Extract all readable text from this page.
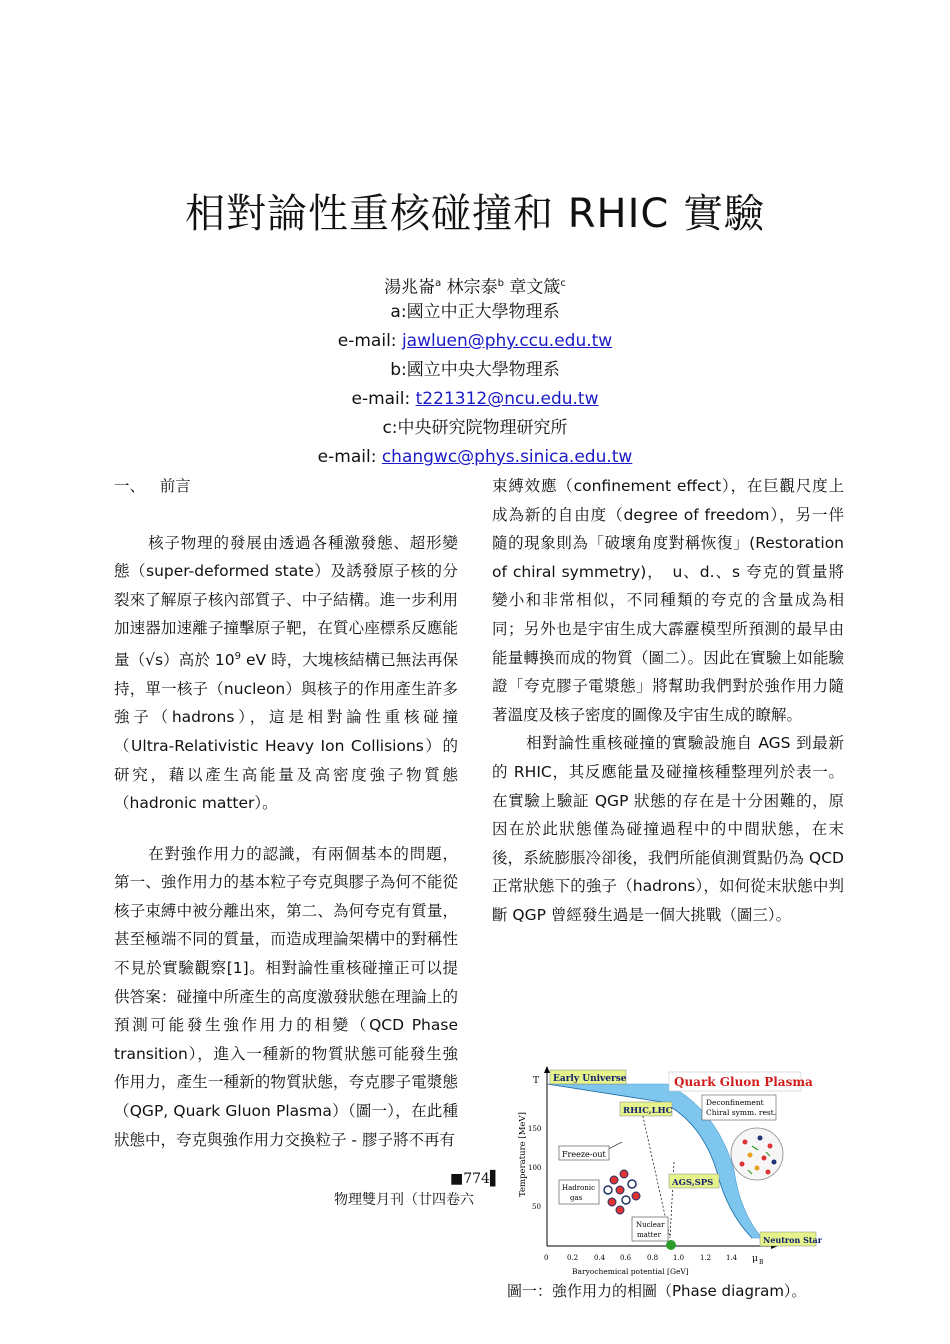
相對論性重核碰撞和 RHIC 實驗
湯兆崙$^a$ 林宗泰$^b$ 章文箴$^c$
a:國立中正大學物理系
e-mail: jawluen@phy.ccu.edu.tw
b:國立中央大學物理系
e-mail: t221312@ncu.edu.tw
c:中央研究院物理研究所
e-mail: changwc@phys.sinica.edu.tw

一、 前言

核子物理的發展由透過各種激發態、超形變態（super-deformed state）及誘發原子核的分裂來了解原子核內部質子、中子結構。進一步利用加速器加速離子撞擊原子靶，在質心座標系反應能量（√s）高於 $10^9$ eV 時，大塊核結構已無法再保持，單一核子（nucleon）與核子的作用產生許多強子（hadrons），這是相對論性重核碰撞（Ultra-Relativistic Heavy Ion Collisions）的研究，藉以產生高能量及高密度強子物質態（hadronic matter）。

在對強作用力的認識，有兩個基本的問題，第一、強作用力的基本粒子夸克與膠子為何不能從核子束縛中被分離出來，第二、為何夸克有質量，甚至極端不同的質量，而造成理論架構中的對稱性不見於實驗觀察[1]。相對論性重核碰撞正可以提供答案：碰撞中所產生的高度激發狀態在理論上的預測可能發生強作用力的相變（QCD Phase transition），進入一種新的物質狀態可能發生強作用力，產生一種新的物質狀態，夸克膠子電漿態（QGP, Quark Gluon Plasma）（圖一），在此種狀態中，夸克與強作用力交換粒子 - 膠子將不再有

束縛效應（confinement effect），在巨觀尺度上成為新的自由度（degree of freedom），另一伴隨的現象則為「破壞角度對稱恢復」(Restoration of chiral symmetry)，　u、d.、s 夸克的質量將變小和非常相似，不同種類的夸克的含量成為相同；另外也是宇宙生成大霹靂模型所預測的最早由能量轉換而成的物質（圖二）。因此在實驗上如能驗證「夸克膠子電漿態」將幫助我們對於強作用力隨著溫度及核子密度的圖像及宇宙生成的瞭解。

相對論性重核碰撞的實驗設施自 AGS 到最新的 RHIC，其反應能量及碰撞核種整理列於表一。在實驗上驗証 QGP 狀態的存在是十分困難的，原因在於此狀態僅為碰撞過程中的中間狀態，在末後，系統膨脹冷卻後，我們所能偵測質點仍為 QCD 正常狀態下的強子（hadrons），如何從末狀態中判斷 QGP 曾經發生過是一個大挑戰（圖三）。

■774▌
物理雙月刊（廿四卷六
Early Universe	Quark Gluon Plasma
Deconfinement
Chiral symm. rest.
RHIC,LHC
Freeze-out
AGS,SPS
Hadronic
gas
Nuclear
matter	Neutron Star
T
Temperature [MeV] 150
100
50
0	0.2 0.4 0.6 0.8 1.0 1.2 1.4 μ B
Baryochemical potential [GeV]
圖一：強作用力的相圖（Phase diagram）。
